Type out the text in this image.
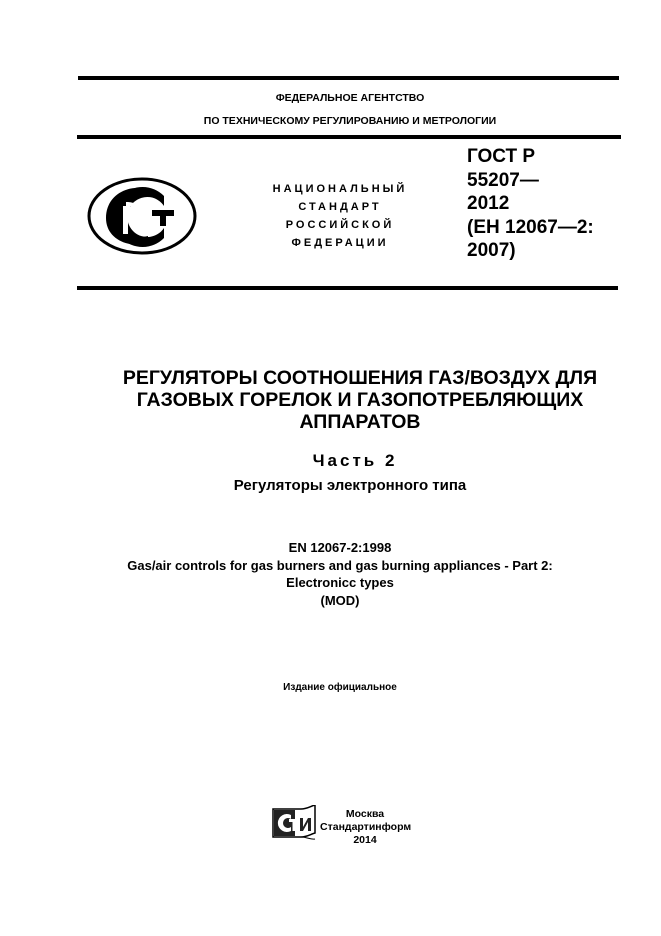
ФЕДЕРАЛЬНОЕ АГЕНТСТВО
ПО ТЕХНИЧЕСКОМУ РЕГУЛИРОВАНИЮ И МЕТРОЛОГИИ
НАЦИОНАЛЬНЫЙ
СТАНДАРТ
РОССИЙСКОЙ
ФЕДЕРАЦИИ
ГОСТ Р
55207—
2012
(ЕН 12067—2:
2007)
РЕГУЛЯТОРЫ СООТНОШЕНИЯ ГАЗ/ВОЗДУХ ДЛЯ
ГАЗОВЫХ ГОРЕЛОК И ГАЗОПОТРЕБЛЯЮЩИХ
АППАРАТОВ
Часть 2
Регуляторы электронного типа
EN 12067-2:1998
Gas/air controls for gas burners and gas burning appliances - Part 2:
Electronicc types
(MOD)
Издание официальное
Москва
Стандартинформ
2014
